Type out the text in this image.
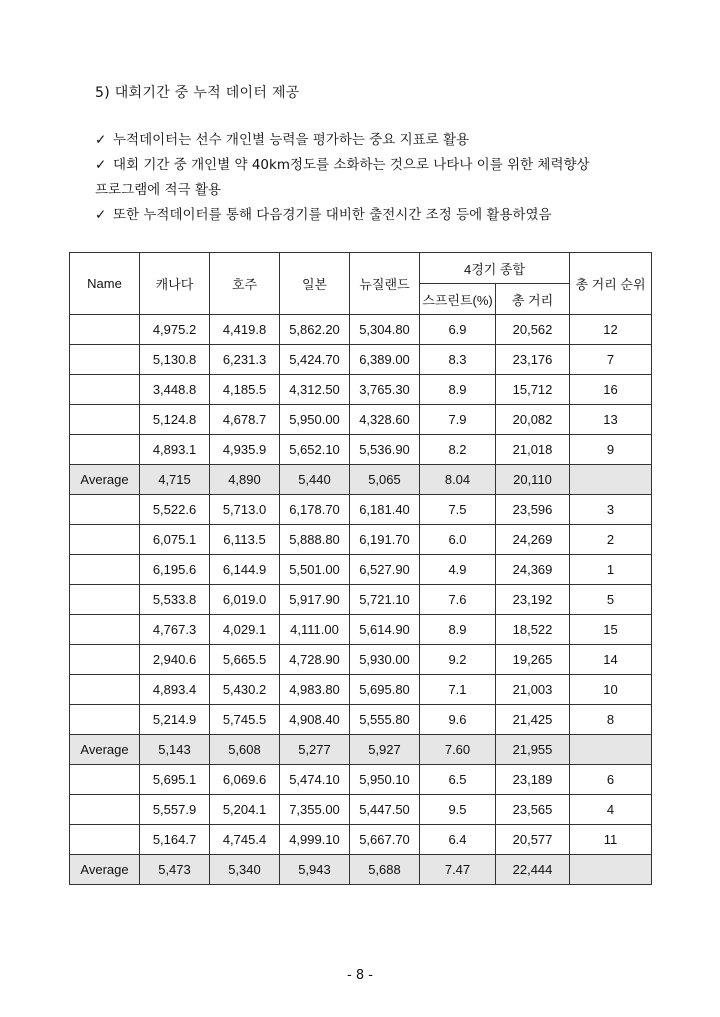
5) 대회기간 중 누적 데이터 제공
✓ 누적데이터는 선수 개인별 능력을 평가하는 중요 지표로 활용
✓ 대회 기간 중 개인별 약 40km정도를 소화하는 것으로 나타나 이를 위한 체력향상
프로그램에 적극 활용
✓ 또한 누적데이터를 통해 다음경기를 대비한 출전시간 조정 등에 활용하였음
Name	캐나다	호주	일본	뉴질랜드	4경기 종합		총 거리 순위
					스프린트(%)	총 거리	
	4,975.2	4,419.8	5,862.20	5,304.80	6.9	20,562	12
	5,130.8	6,231.3	5,424.70	6,389.00	8.3	23,176	7
	3,448.8	4,185.5	4,312.50	3,765.30	8.9	15,712	16
	5,124.8	4,678.7	5,950.00	4,328.60	7.9	20,082	13
	4,893.1	4,935.9	5,652.10	5,536.90	8.2	21,018	9
Average	4,715	4,890	5,440	5,065	8.04	20,110	
	5,522.6	5,713.0	6,178.70	6,181.40	7.5	23,596	3
	6,075.1	6,113.5	5,888.80	6,191.70	6.0	24,269	2
	6,195.6	6,144.9	5,501.00	6,527.90	4.9	24,369	1
	5,533.8	6,019.0	5,917.90	5,721.10	7.6	23,192	5
	4,767.3	4,029.1	4,111.00	5,614.90	8.9	18,522	15
	2,940.6	5,665.5	4,728.90	5,930.00	9.2	19,265	14
	4,893.4	5,430.2	4,983.80	5,695.80	7.1	21,003	10
	5,214.9	5,745.5	4,908.40	5,555.80	9.6	21,425	8
Average	5,143	5,608	5,277	5,927	7.60	21,955	
	5,695.1	6,069.6	5,474.10	5,950.10	6.5	23,189	6
	5,557.9	5,204.1	7,355.00	5,447.50	9.5	23,565	4
	5,164.7	4,745.4	4,999.10	5,667.70	6.4	20,577	11
Average	5,473	5,340	5,943	5,688	7.47	22,444	
- 8 -
